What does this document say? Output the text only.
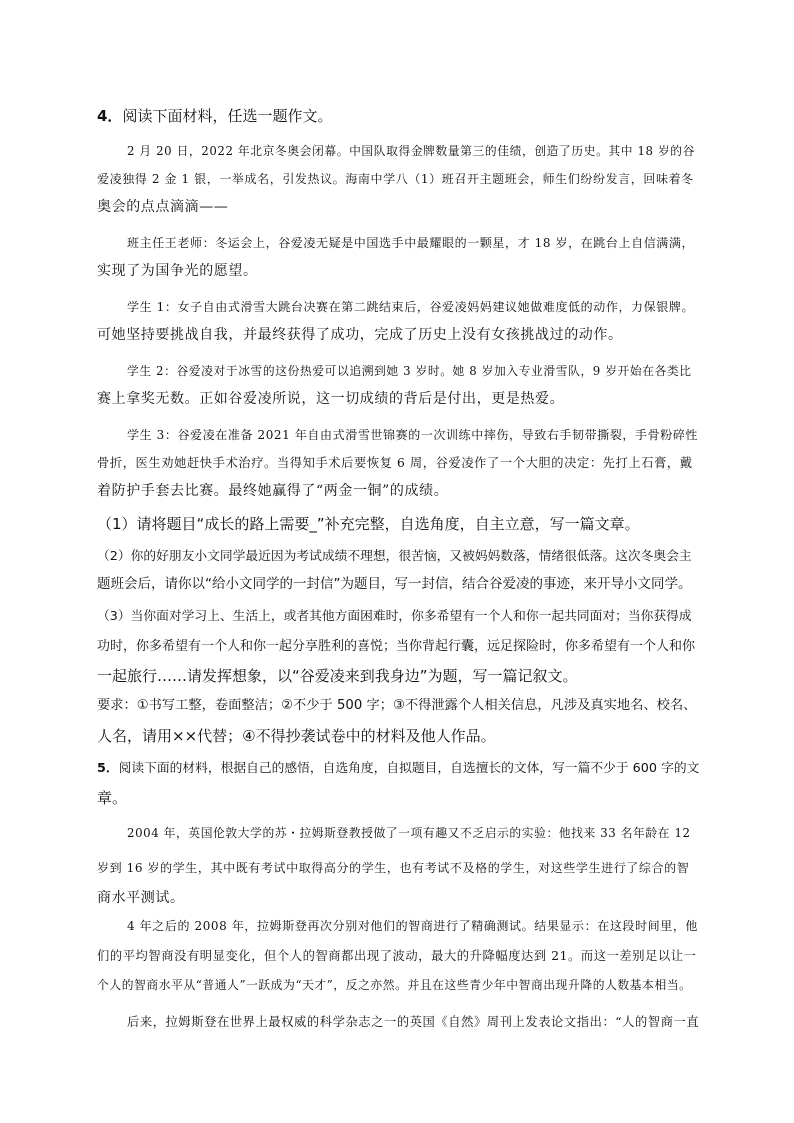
4．阅读下面材料，任选一题作文。
2 月 20 日，2022 年北京冬奥会闭幕。中国队取得金牌数量第三的佳绩，创造了历史。其中 18 岁的谷
爱凌独得 2 金 1 银，一举成名，引发热议。海南中学八（1）班召开主题班会，师生们纷纷发言，回味着冬
奥会的点点滴滴——
班主任王老师：冬运会上，谷爱凌无疑是中国选手中最耀眼的一颗星，才 18 岁，在跳台上自信满满，
实现了为国争光的愿望。
学生 1：女子自由式滑雪大跳台决赛在第二跳结束后，谷爱凌妈妈建议她做难度低的动作，力保银牌。
可她坚持要挑战自我，并最终获得了成功，完成了历史上没有女孩挑战过的动作。
学生 2：谷爱凌对于冰雪的这份热爱可以追溯到她 3 岁时。她 8 岁加入专业滑雪队，9 岁开始在各类比
赛上拿奖无数。正如谷爱凌所说，这一切成绩的背后是付出，更是热爱。
学生 3：谷爱凌在准备 2021 年自由式滑雪世锦赛的一次训练中摔伤，导致右手韧带撕裂，手骨粉碎性
骨折，医生劝她赶快手术治疗。当得知手术后要恢复 6 周，谷爱凌作了一个大胆的决定：先打上石膏，戴
着防护手套去比赛。最终她赢得了“两金一铜”的成绩。
（1）请将题目“成长的路上需要_”补充完整，自选角度，自主立意，写一篇文章。
（2）你的好朋友小文同学最近因为考试成绩不理想，很苦恼，又被妈妈数落，情绪很低落。这次冬奥会主
题班会后，请你以“给小文同学的一封信”为题目，写一封信，结合谷爱凌的事迹，来开导小文同学。
（3）当你面对学习上、生活上，或者其他方面困难时，你多希望有一个人和你一起共同面对；当你获得成
功时，你多希望有一个人和你一起分享胜利的喜悦；当你背起行囊，远足探险时，你多希望有一个人和你
一起旅行……请发挥想象，以“谷爱凌来到我身边”为题，写一篇记叙文。
要求：①书写工整，卷面整洁；②不少于 500 字；③不得泄露个人相关信息，凡涉及真实地名、校名、
人名，请用××代替；④不得抄袭试卷中的材料及他人作品。
5．阅读下面的材料，根据自己的感悟，自选角度，自拟题目，自选擅长的文体，写一篇不少于 600 字的文
章。
2004 年，英国伦敦大学的苏・拉姆斯登教授做了一项有趣又不乏启示的实验：他找来 33 名年龄在 12
岁到 16 岁的学生，其中既有考试中取得高分的学生，也有考试不及格的学生，对这些学生进行了综合的智
商水平测试。
4 年之后的 2008 年，拉姆斯登再次分别对他们的智商进行了精确测试。结果显示：在这段时间里，他
们的平均智商没有明显变化，但个人的智商都出现了波动，最大的升降幅度达到 21。而这一差别足以让一
个人的智商水平从“普通人”一跃成为“天才”，反之亦然。并且在这些青少年中智商出现升降的人数基本相当。
后来，拉姆斯登在世界上最权威的科学杂志之一的英国《自然》周刊上发表论文指出：“人的智商一直
